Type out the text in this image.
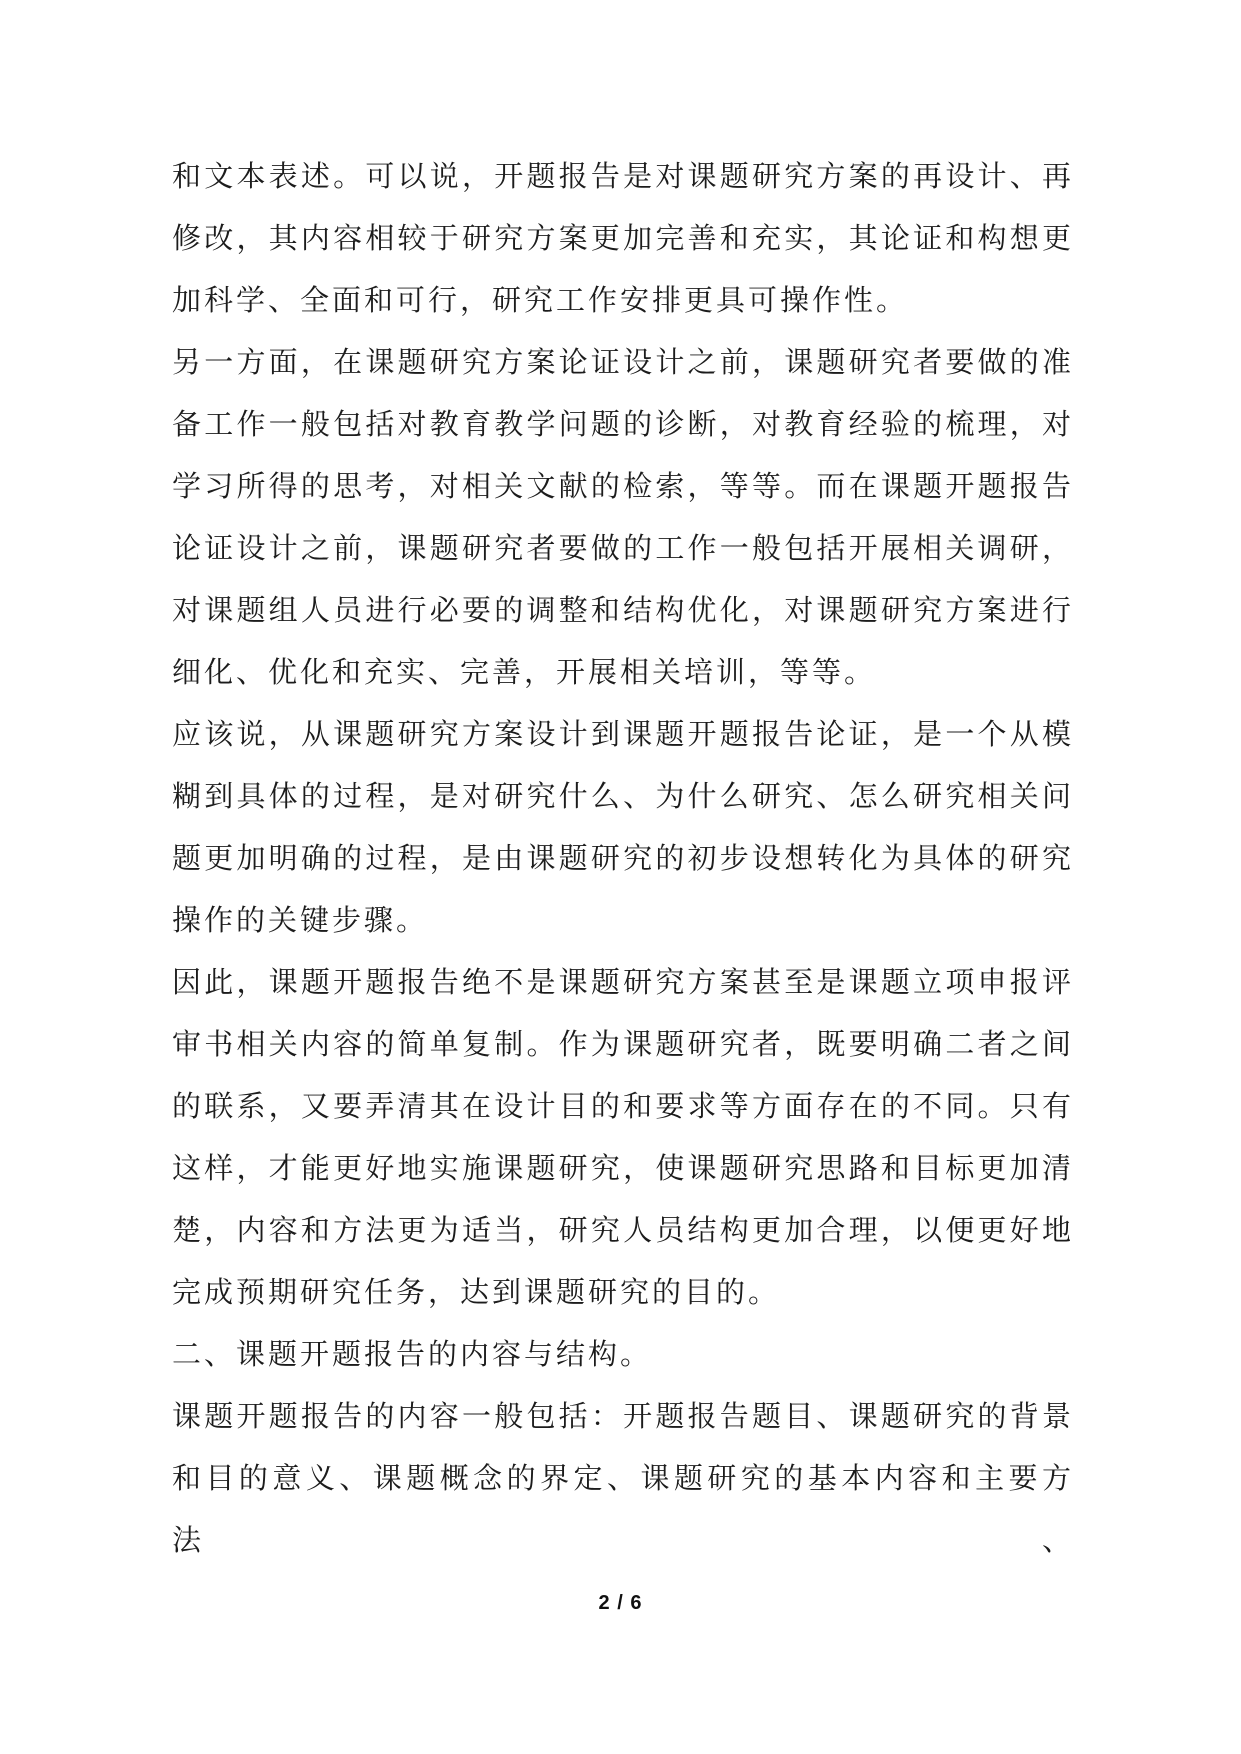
和文本表述。可以说，开题报告是对课题研究方案的再设计、再
修改，其内容相较于研究方案更加完善和充实，其论证和构想更
加科学、全面和可行，研究工作安排更具可操作性。
另一方面，在课题研究方案论证设计之前，课题研究者要做的准
备工作一般包括对教育教学问题的诊断，对教育经验的梳理，对
学习所得的思考，对相关文献的检索，等等。而在课题开题报告
论证设计之前，课题研究者要做的工作一般包括开展相关调研，
对课题组人员进行必要的调整和结构优化，对课题研究方案进行
细化、优化和充实、完善，开展相关培训，等等。
应该说，从课题研究方案设计到课题开题报告论证，是一个从模
糊到具体的过程，是对研究什么、为什么研究、怎么研究相关问
题更加明确的过程，是由课题研究的初步设想转化为具体的研究
操作的关键步骤。
因此，课题开题报告绝不是课题研究方案甚至是课题立项申报评
审书相关内容的简单复制。作为课题研究者，既要明确二者之间
的联系，又要弄清其在设计目的和要求等方面存在的不同。只有
这样，才能更好地实施课题研究，使课题研究思路和目标更加清
楚，内容和方法更为适当，研究人员结构更加合理，以便更好地
完成预期研究任务，达到课题研究的目的。
二、课题开题报告的内容与结构。
课题开题报告的内容一般包括：开题报告题目、课题研究的背景
和目的意义、课题概念的界定、课题研究的基本内容和主要方法、
2 / 6
